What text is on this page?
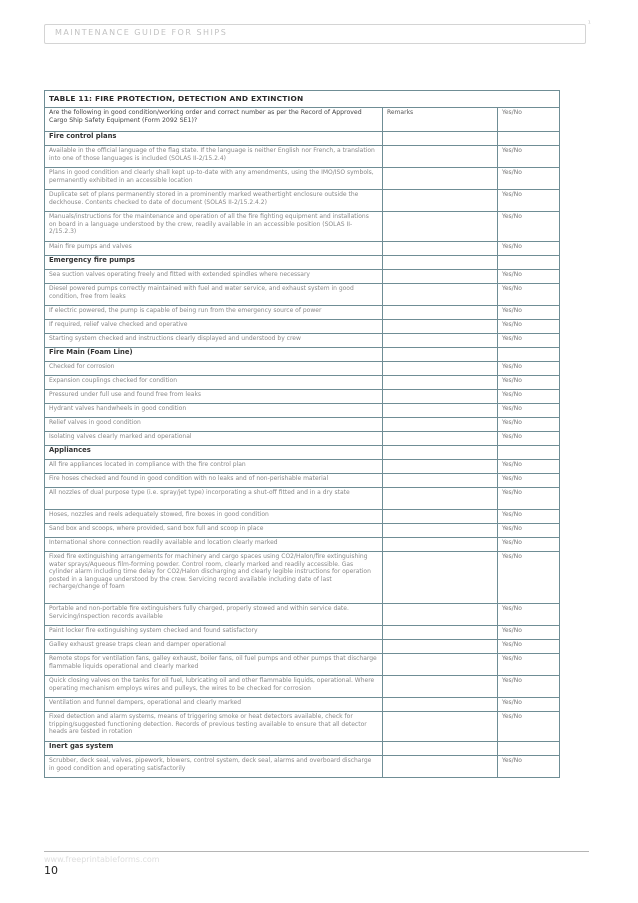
MAINTENANCE GUIDE FOR SHIPS
¹
TABLE 11: FIRE PROTECTION, DETECTION AND EXTINCTION		
Are the following in good condition/working order and correct number as per the Record of Approved Cargo Ship Safety Equipment (Form 2092 SE1)?	Remarks	Yes/No
Fire control plans		
Available in the official language of the flag state. If the language is neither English nor French, a translation into one of those languages is included (SOLAS II-2/15.2.4)		Yes/No
Plans in good condition and clearly shall kept up-to-date with any amendments, using the IMO/ISO symbols, permanently exhibited in an accessible location		Yes/No
Duplicate set of plans permanently stored in a prominently marked weathertight enclosure outside the deckhouse. Contents checked to date of document (SOLAS II-2/15.2.4.2)		Yes/No
Manuals/instructions for the maintenance and operation of all the fire fighting equipment and installations on board in a language understood by the crew, readily available in an accessible position (SOLAS II-2/15.2.3)		Yes/No
Main fire pumps and valves		Yes/No
Emergency fire pumps		
Sea suction valves operating freely and fitted with extended spindles where necessary		Yes/No
Diesel powered pumps correctly maintained with fuel and water service, and exhaust system in good condition, free from leaks		Yes/No
If electric powered, the pump is capable of being run from the emergency source of power		Yes/No
If required, relief valve checked and operative		Yes/No
Starting system checked and instructions clearly displayed and understood by crew		Yes/No
Fire Main (Foam Line)		
Checked for corrosion		Yes/No
Expansion couplings checked for condition		Yes/No
Pressured under full use and found free from leaks		Yes/No
Hydrant valves handwheels in good condition		Yes/No
Relief valves in good condition		Yes/No
Isolating valves clearly marked and operational		Yes/No
Appliances		
All fire appliances located in compliance with the fire control plan		Yes/No
Fire hoses checked and found in good condition with no leaks and of non-perishable material		Yes/No
All nozzles of dual purpose type (i.e. spray/jet type) incorporating a shut-off fitted and in a dry state		Yes/No
Hoses, nozzles and reels adequately stowed, fire boxes in good condition		Yes/No
Sand box and scoops, where provided, sand box full and scoop in place		Yes/No
International shore connection readily available and location clearly marked		Yes/No
Fixed fire extinguishing arrangements for machinery and cargo spaces using CO2/Halon/fire extinguishing water sprays/Aqueous film-forming powder. Control room, clearly marked and readily accessible. Gas cylinder alarm including time delay for CO2/Halon discharging and clearly legible instructions for operation posted in a language understood by the crew. Servicing record available including date of last recharge/change of foam		Yes/No
Portable and non-portable fire extinguishers fully charged, properly stowed and within service date. Servicing/inspection records available		Yes/No
Paint locker fire extinguishing system checked and found satisfactory		Yes/No
Galley exhaust grease traps clean and damper operational		Yes/No
Remote stops for ventilation fans, galley exhaust, boiler fans, oil fuel pumps and other pumps that discharge flammable liquids operational and clearly marked		Yes/No
Quick closing valves on the tanks for oil fuel, lubricating oil and other flammable liquids, operational. Where operating mechanism employs wires and pulleys, the wires to be checked for corrosion		Yes/No
Ventilation and funnel dampers, operational and clearly marked		Yes/No
Fixed detection and alarm systems, means of triggering smoke or heat detectors available, check for tripping/suggested functioning detection. Records of previous testing available to ensure that all detector heads are tested in rotation		Yes/No
Inert gas system		
Scrubber, deck seal, valves, pipework, blowers, control system, deck seal, alarms and overboard discharge in good condition and operating satisfactorily		Yes/No
www.freeprintableforms.com
10
